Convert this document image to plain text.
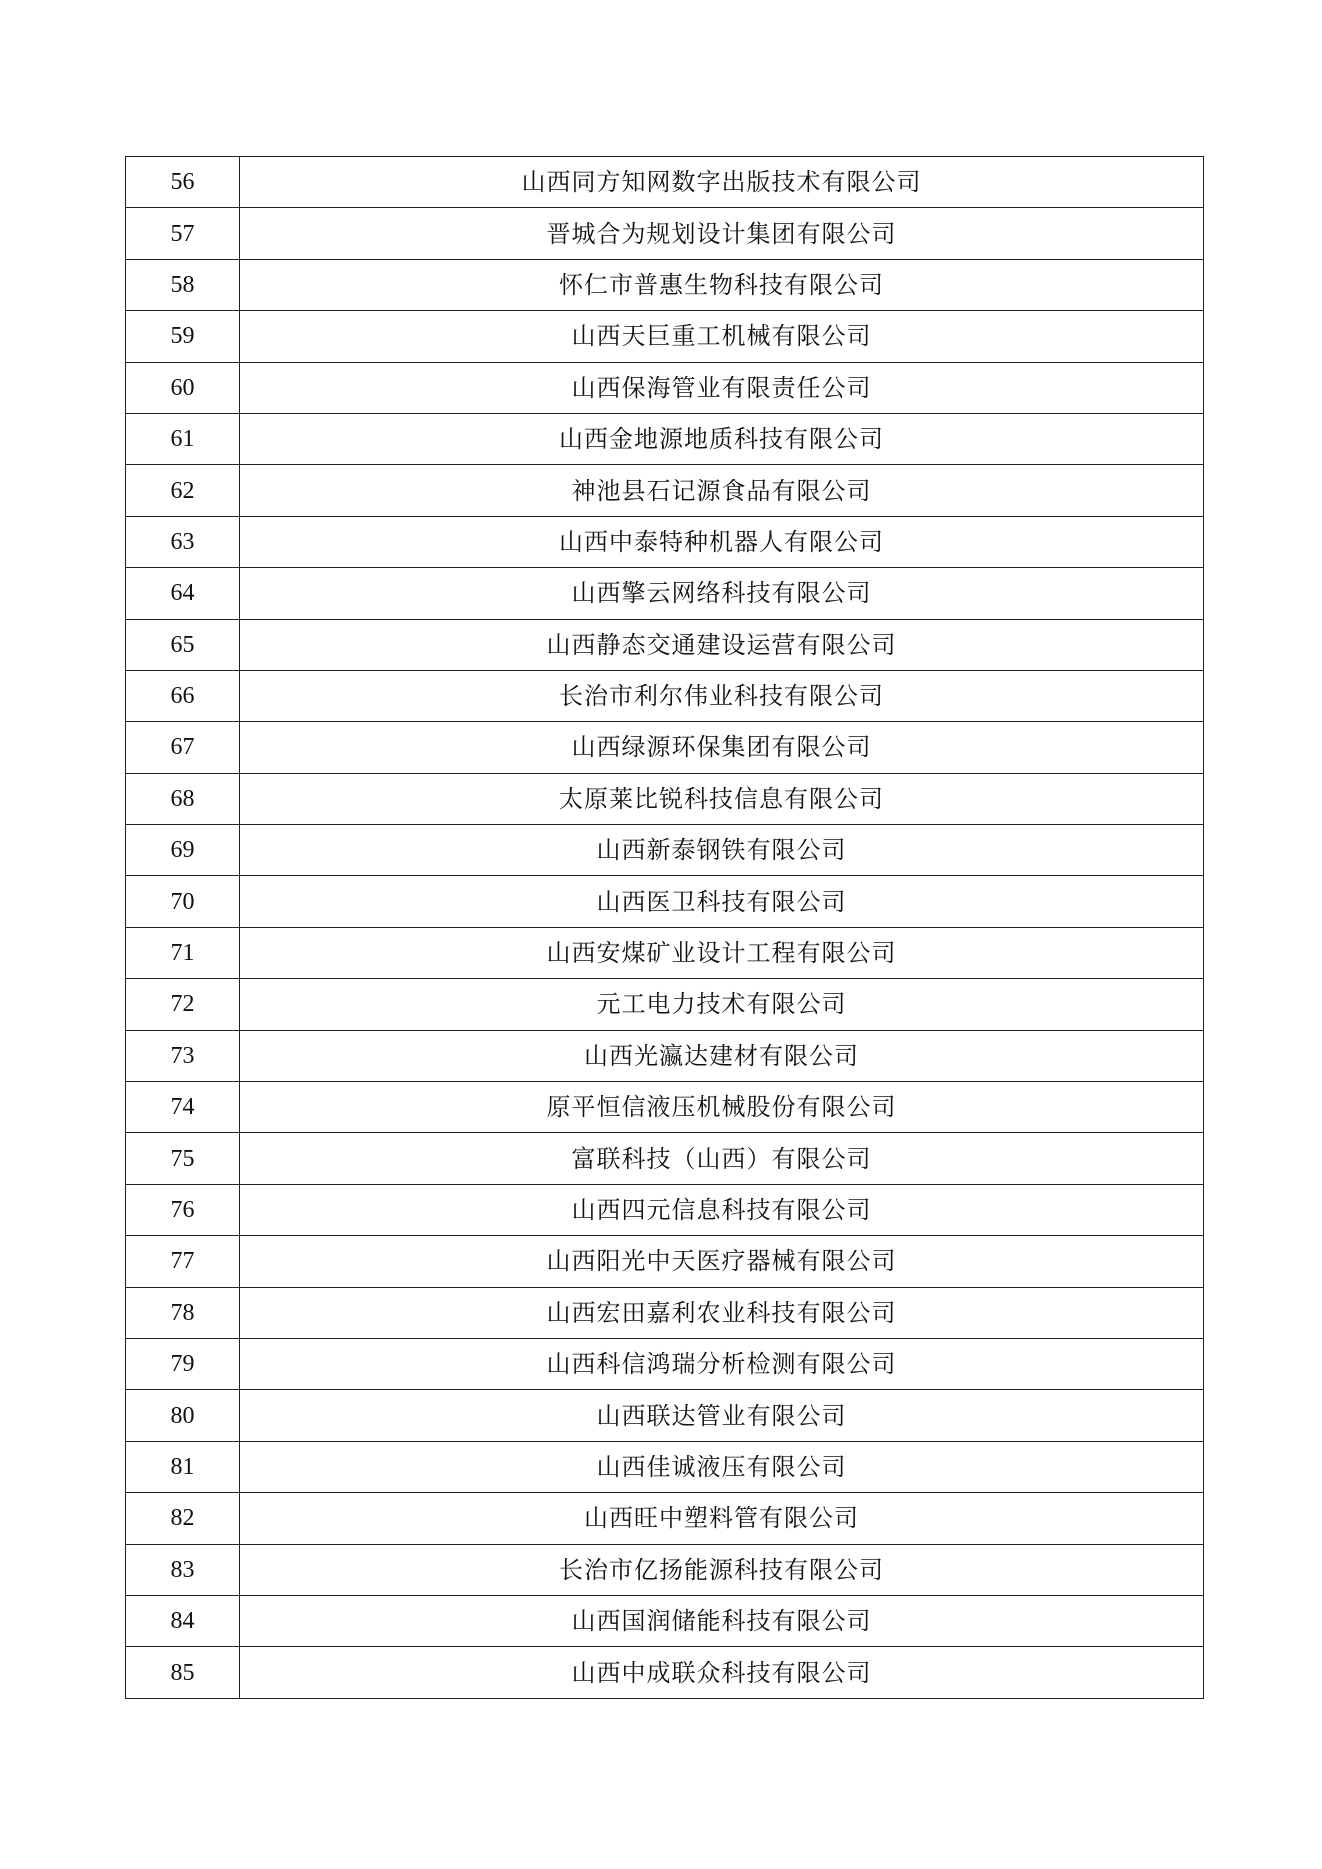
56	山西同方知网数字出版技术有限公司
57	晋城合为规划设计集团有限公司
58	怀仁市普惠生物科技有限公司
59	山西天巨重工机械有限公司
60	山西保海管业有限责任公司
61	山西金地源地质科技有限公司
62	神池县石记源食品有限公司
63	山西中泰特种机器人有限公司
64	山西擎云网络科技有限公司
65	山西静态交通建设运营有限公司
66	长治市利尔伟业科技有限公司
67	山西绿源环保集团有限公司
68	太原莱比锐科技信息有限公司
69	山西新泰钢铁有限公司
70	山西医卫科技有限公司
71	山西安煤矿业设计工程有限公司
72	元工电力技术有限公司
73	山西光瀛达建材有限公司
74	原平恒信液压机械股份有限公司
75	富联科技（山西）有限公司
76	山西四元信息科技有限公司
77	山西阳光中天医疗器械有限公司
78	山西宏田嘉利农业科技有限公司
79	山西科信鸿瑞分析检测有限公司
80	山西联达管业有限公司
81	山西佳诚液压有限公司
82	山西旺中塑料管有限公司
83	长治市亿扬能源科技有限公司
84	山西国润储能科技有限公司
85	山西中成联众科技有限公司
